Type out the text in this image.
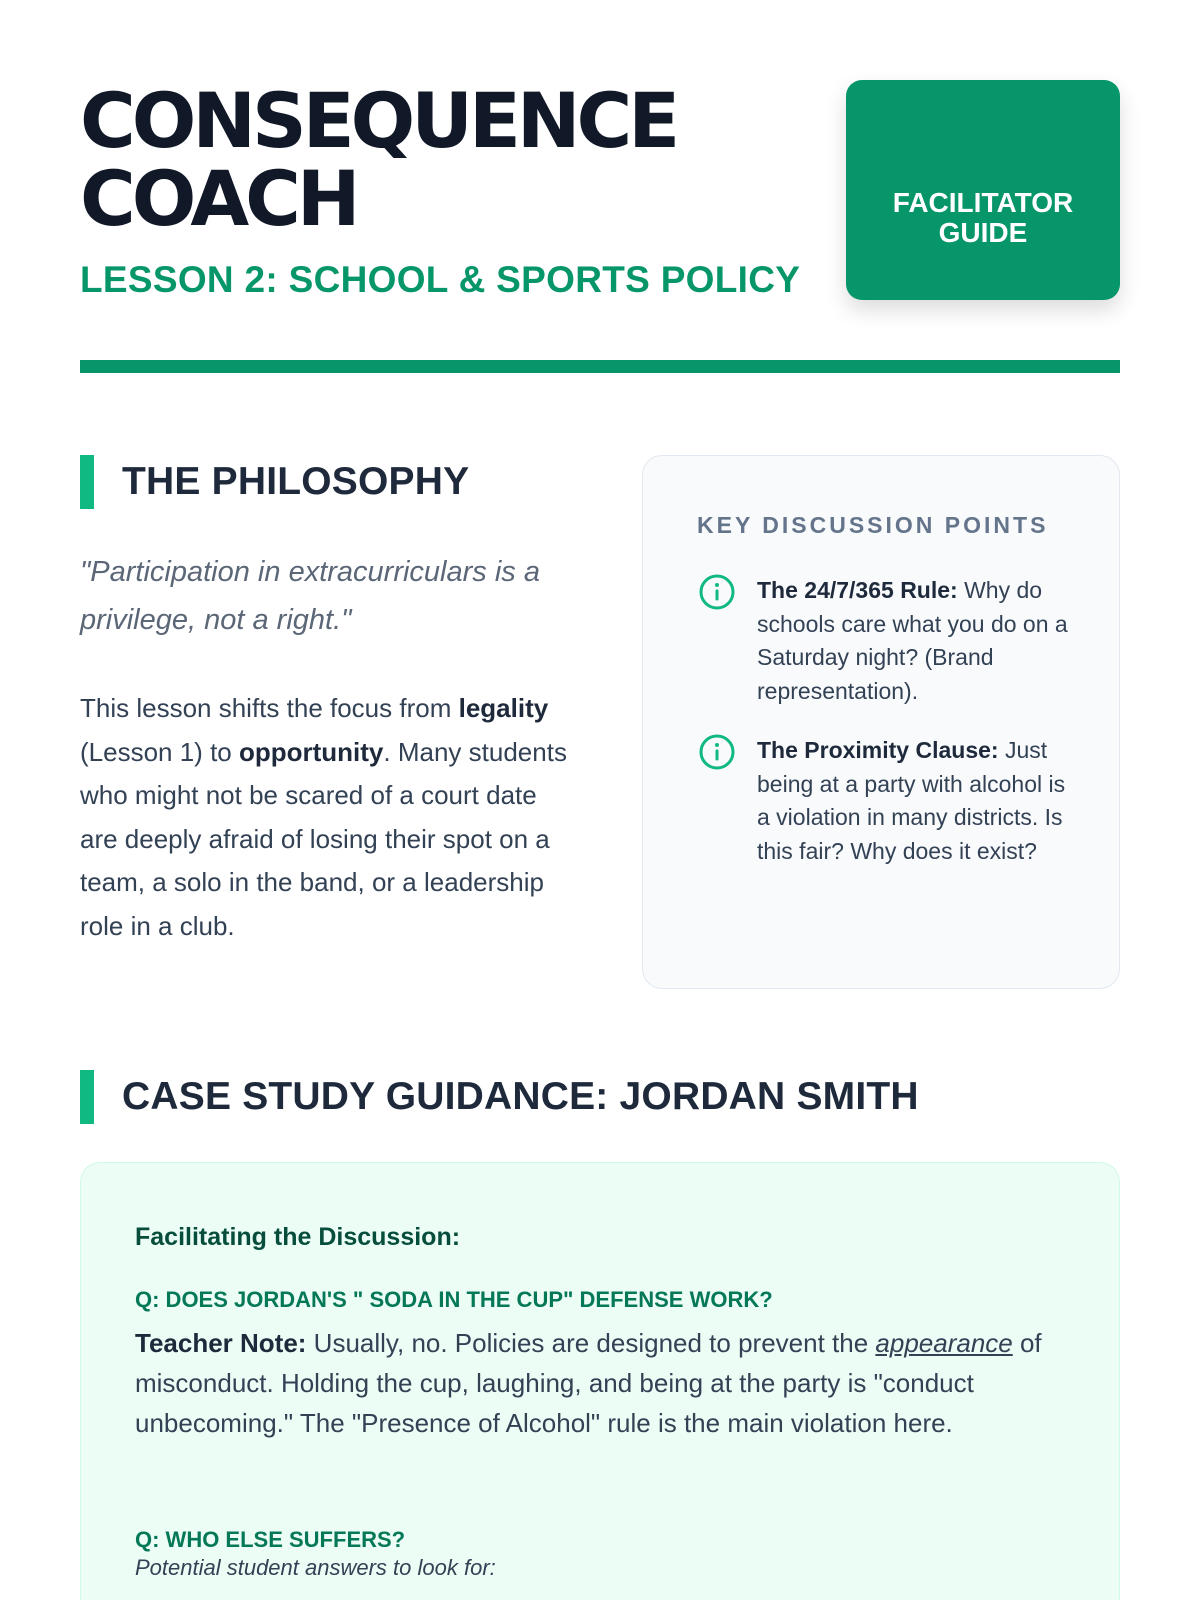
CONSEQUENCE
COACH
LESSON 2: SCHOOL & SPORTS POLICY
FACILITATOR
GUIDE
THE PHILOSOPHY
"Participation in extracurriculars is a privilege, not a right."
This lesson shifts the focus from legality (Lesson 1) to opportunity. Many students who might not be scared of a court date are deeply afraid of losing their spot on a team, a solo in the band, or a leadership role in a club.
KEY DISCUSSION POINTS
The 24/7/365 Rule: Why do schools care what you do on a Saturday night? (Brand representation).
The Proximity Clause: Just being at a party with alcohol is a violation in many districts. Is this fair? Why does it exist?
CASE STUDY GUIDANCE: JORDAN SMITH
Facilitating the Discussion:
Q: DOES JORDAN'S " SODA IN THE CUP" DEFENSE WORK?
Teacher Note: Usually, no. Policies are designed to prevent the appearance of misconduct. Holding the cup, laughing, and being at the party is "conduct unbecoming." The "Presence of Alcohol" rule is the main violation here.
Q: WHO ELSE SUFFERS?
Potential student answers to look for:
